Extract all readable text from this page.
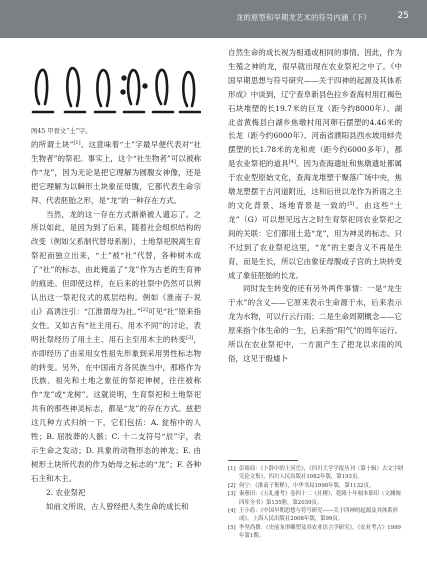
龙的原型和早期龙艺术的符号内涵（下）	25
图45 甲骨文“土”字。

的所谓土块”[1]。这意味着“土”字最早便代表对“社生物者”的祭祀。事实上，这个“社生物者”可以被称作“龙”，因为无论是把它理解为圆腹女神像，还是把它理解为以瞬形土块象征母腹，它都代表生命宗拜、代表胚胎之形，是“龙”的一种存在方式。

当然，龙的这一存在方式渐渐被人遗忘了。之所以如此，是因为到了后来，随着社会组织结构的改变（例如父系制代替母系制），土地祭祀脱离生育祭祀而独立出来，“土”被“社”代替，各种树木成了“社”的标志，由此掩盖了“龙”作为古老的生育神的痕迹。但即使这样，在后来的社祭中仍然可以辨认出这一祭祀仪式的底层结构。例如《淮南子·说山》高诱注引：“江淮谓母为社。”[2]可见“社”原来指女性。又如古有“社主用石、用木不同”的讨论，表明社祭经历了用土主、用石主至用木主的转变[3]，亦即经历了由采用女性祖先形象到采用男性标志物的转变。另外，在中国南方各民族当中，那格作为氏族、祖先和土地之象征的祭祀神树，往往被称作“龙”或“龙树”。这就说明，生育祭祀和土地祭祀共有的那些神灵标志，都是“龙”的存在方式。兹把这几种方式归纳一下，它们包括：A. 瓮棺中的人牲；B. 屈肢葬的人骸；C. 十二支符号“辰”字，表示生命之发动；D. 具象的动物形态的神龙；E. 由树形土块所代表的作为始母之标志的“龙”；F. 各种石主和木主。

2. 农业祭祀

如前文所说，古人曾经把人类生命的成长和

自然生命的成长视为相通或相同的事情。因此，作为生殖之神的龙，很早就出现在农业祭祀之中了。《中国早期思想与符号研究——关于四神的起源及其体系形成》中谈到，辽宁查阜新县色拉乡查海村用红褐色石块堆塑的长19.7米的巨龙（距今约8000年）、湖北省黄梅县白湖乡焦墩村用河卵石摆塑的4.46米的长龙（距今约6000年）、河南省濮阳县西水坡用蚌壳摆塑的长1.78米的龙和虎（距今约6000多年），都是农业祭祀的道具[4]。因为查海遗址和焦墩遗址都属于农业型原始文化，查海龙堆塑于聚落广场中央，焦墩龙塑摆于古河道附近，这和后世以龙作为祈雨之主的文化背景、场地背景是一致的[5]。由这些“土龙”（G）可以想见远古之时生育祭祀同农业祭祀之间的关联：它们都用土造“龙”，用为神灵的标志。只不过到了农业祭祀这里，“龙”的主要含义不再是生育，而是生长，所以它由象征母腹或子宫的土块转变成了象征胚胎的长龙。

同时发生转变的还有另外两件事情：一是“龙生于水”的含义——它原来表示生命源于水，后来表示龙为水物，可以行云行雨；二是生命周期概念——它原来指个体生命的一生，后来指“阳气”的周年运行。所以在农业祭祀中，一方面产生了把龙以求雨的风俗，这见于殷墟卜

[1] 彭裕商：《卜辞中的土河岳》，《四川大学学报丛刊（第十辑）古文字研究论文集》，四川人民出版社1982年版，第193页。
[2] 何宁：《淮南子集释》，中华书局1998年版，第1132页。
[3] 秦蕙田：《五礼通考》卷四十二《社稷》，乾隆十年刻本影印（文渊阁四库全书）第135册，第2039页。
[4] 王小盾：《中国早期思想与符号研究——关于四神的起源及其体系形成》，上海人民出版社2008年版，第99页。
[5] 李坚尚撰：《史前龙形雕塑及其农业语言学研究》，《农业考古》1999年第1期。
